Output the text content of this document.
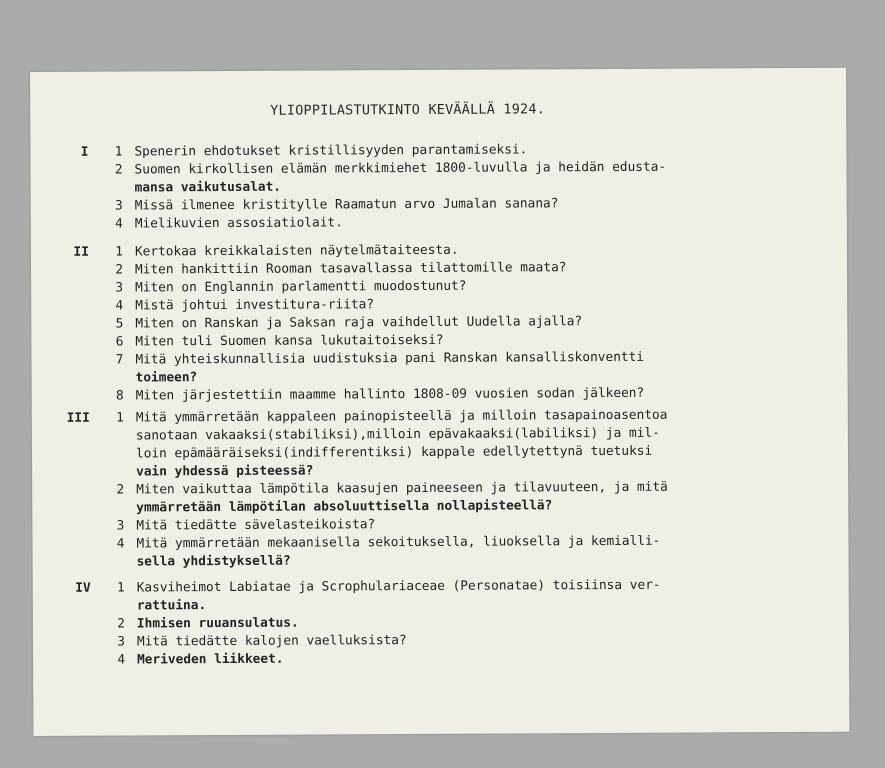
YLIOPPILASTUTKINTO KEVÄÄLLÄ 1924.
I	1 Spenerin ehdotukset kristillisyyden parantamiseksi.
2 Suomen kirkollisen elämän merkkimiehet 1800-luvulla ja heidän edusta-
mansa vaikutusalat.
3 Missä ilmenee kristitylle Raamatun arvo Jumalan sanana?
4 Mielikuvien assosiatiolait.
II	1 Kertokaa kreikkalaisten näytelmätaiteesta.
2 Miten hankittiin Rooman tasavallassa tilattomille maata?
3 Miten on Englannin parlamentti muodostunut?
4 Mistä johtui investitura-riita?
5 Miten on Ranskan ja Saksan raja vaihdellut Uudella ajalla?
6 Miten tuli Suomen kansa lukutaitoiseksi?
7 Mitä yhteiskunnallisia uudistuksia pani Ranskan kansalliskonventti
toimeen?
8 Miten järjestettiin maamme hallinto 1808-09 vuosien sodan jälkeen?
III	1 Mitä ymmärretään kappaleen painopisteellä ja milloin tasapainoasentoa
sanotaan vakaaksi(stabiliksi),milloin epävakaaksi(labiliksi) ja mil-
loin epämääräiseksi(indifferentiksi) kappale edellytettynä tuetuksi
vain yhdessä pisteessä?
2 Miten vaikuttaa lämpötila kaasujen paineeseen ja tilavuuteen, ja mitä
ymmärretään lämpötilan absoluuttisella nollapisteellä?
3 Mitä tiedätte sävelasteikoista?
4 Mitä ymmärretään mekaanisella sekoituksella, liuoksella ja kemialli-
sella yhdistyksellä?
IV	1 Kasviheimot Labiatae ja Scrophulariaceae (Personatae) toisiinsa ver-
rattuina.
2 Ihmisen ruuansulatus.
3 Mitä tiedätte kalojen vaelluksista?
4 Meriveden liikkeet.
